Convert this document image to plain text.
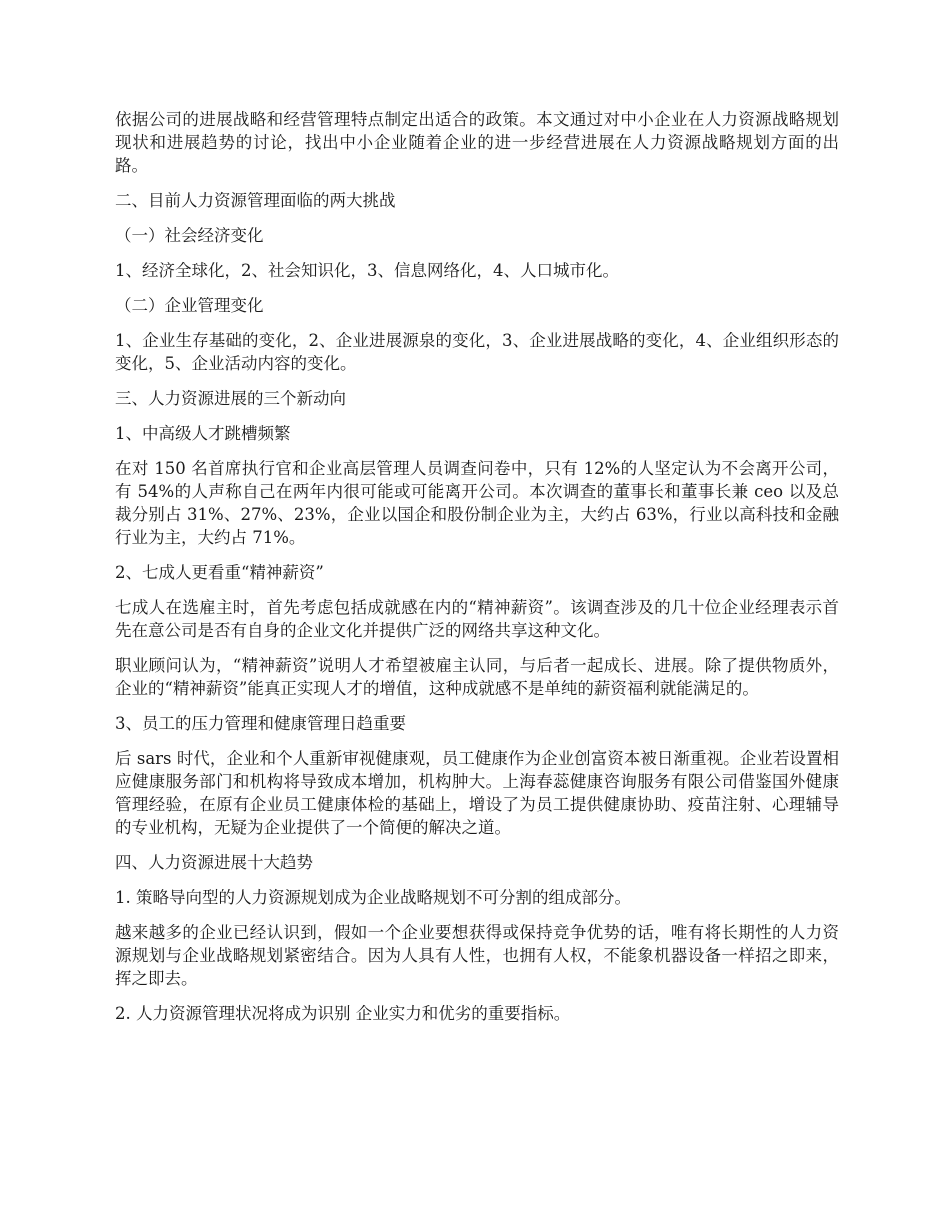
依据公司的进展战略和经营管理特点制定出适合的政策。本文通过对中小企业在人力资源战略规划现状和进展趋势的讨论，找出中小企业随着企业的进一步经营进展在人力资源战略规划方面的出路。

二、目前人力资源管理面临的两大挑战

（一）社会经济变化

1、经济全球化，2、社会知识化，3、信息网络化，4、人口城市化。

（二）企业管理变化

1、企业生存基础的变化，2、企业进展源泉的变化，3、企业进展战略的变化，4、企业组织形态的变化，5、企业活动内容的变化。

三、人力资源进展的三个新动向

1、中高级人才跳槽频繁

在对 150 名首席执行官和企业高层管理人员调查问卷中，只有 12%的人坚定认为不会离开公司，有 54%的人声称自己在两年内很可能或可能离开公司。本次调查的董事长和董事长兼 ceo 以及总裁分别占 31%、27%、23%，企业以国企和股份制企业为主，大约占 63%，行业以高科技和金融行业为主，大约占 71%。

2、七成人更看重“精神薪资”

七成人在选雇主时，首先考虑包括成就感在内的“精神薪资”。该调查涉及的几十位企业经理表示首先在意公司是否有自身的企业文化并提供广泛的网络共享这种文化。

职业顾问认为，“精神薪资”说明人才希望被雇主认同，与后者一起成长、进展。除了提供物质外，企业的“精神薪资”能真正实现人才的增值，这种成就感不是单纯的薪资福利就能满足的。

3、员工的压力管理和健康管理日趋重要

后 sars 时代，企业和个人重新审视健康观，员工健康作为企业创富资本被日渐重视。企业若设置相应健康服务部门和机构将导致成本增加，机构肿大。上海春蕊健康咨询服务有限公司借鉴国外健康管理经验，在原有企业员工健康体检的基础上，增设了为员工提供健康协助、疫苗注射、心理辅导的专业机构，无疑为企业提供了一个简便的解决之道。

四、人力资源进展十大趋势

1. 策略导向型的人力资源规划成为企业战略规划不可分割的组成部分。

越来越多的企业已经认识到，假如一个企业要想获得或保持竞争优势的话，唯有将长期性的人力资源规划与企业战略规划紧密结合。因为人具有人性，也拥有人权，不能象机器设备一样招之即来，挥之即去。

2. 人力资源管理状况将成为识别 企业实力和优劣的重要指标。
